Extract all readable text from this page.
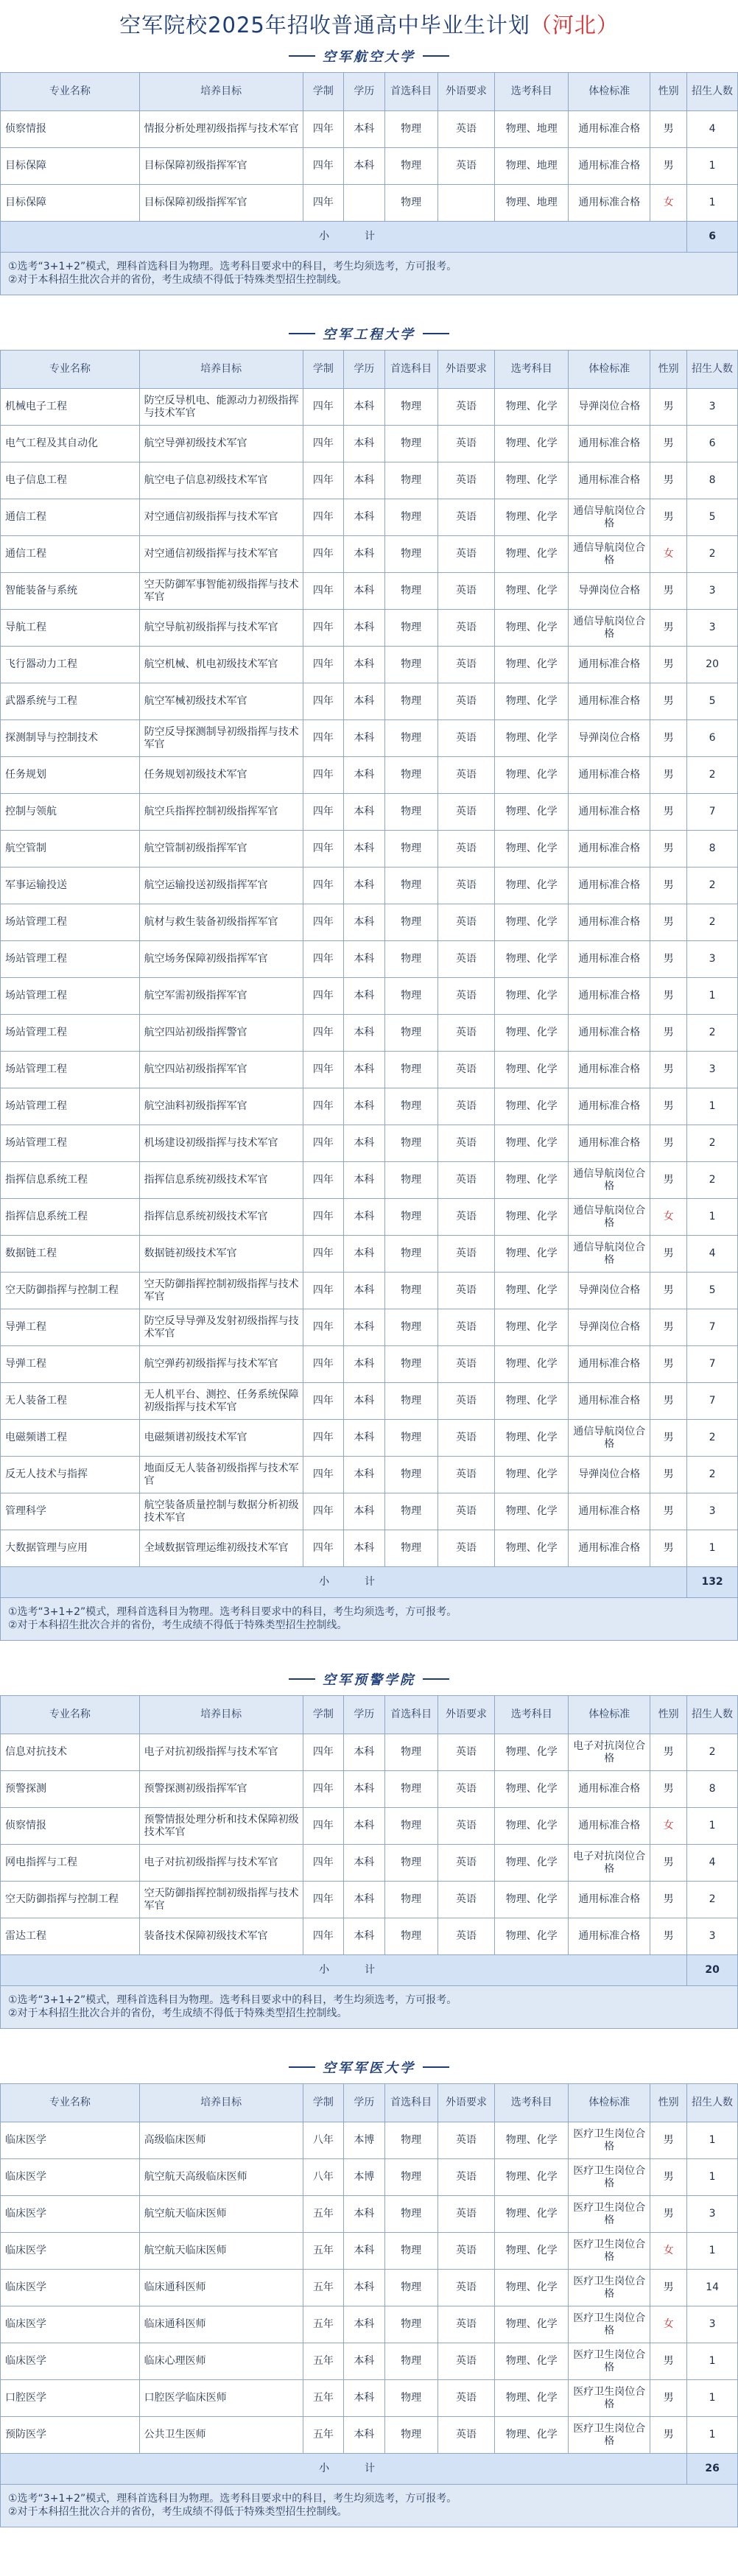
空军院校2025年招收普通高中毕业生计划（河北）
空军航空大学
专业名称	培养目标	学制	学历	首选科目	外语要求	选考科目	体检标准	性别	招生人数
侦察情报	情报分析处理初级指挥与技术军官	四年	本科	物理	英语	物理、地理	通用标准合格	男	4
目标保障	目标保障初级指挥军官	四年	本科	物理	英语	物理、地理	通用标准合格	男	1
目标保障	目标保障初级指挥军官	四年		物理		物理、地理	通用标准合格	女	1
小计									6
①选考“3+1+2”模式，理科首选科目为物理。选考科目要求中的科目，考生均须选考，方可报考。
②对于本科招生批次合并的省份，考生成绩不得低于特殊类型招生控制线。
空军工程大学
专业名称	培养目标	学制	学历	首选科目	外语要求	选考科目	体检标准	性别	招生人数
机械电子工程	防空反导机电、能源动力初级指挥与技术军官	四年	本科	物理	英语	物理、化学	导弹岗位合格	男	3
电气工程及其自动化	航空导弹初级技术军官	四年	本科	物理	英语	物理、化学	通用标准合格	男	6
电子信息工程	航空电子信息初级技术军官	四年	本科	物理	英语	物理、化学	通用标准合格	男	8
通信工程	对空通信初级指挥与技术军官	四年	本科	物理	英语	物理、化学	通信导航岗位合格	男	5
通信工程	对空通信初级指挥与技术军官	四年	本科	物理	英语	物理、化学	通信导航岗位合格	女	2
智能装备与系统	空天防御军事智能初级指挥与技术军官	四年	本科	物理	英语	物理、化学	导弹岗位合格	男	3
导航工程	航空导航初级指挥与技术军官	四年	本科	物理	英语	物理、化学	通信导航岗位合格	男	3
飞行器动力工程	航空机械、机电初级技术军官	四年	本科	物理	英语	物理、化学	通用标准合格	男	20
武器系统与工程	航空军械初级技术军官	四年	本科	物理	英语	物理、化学	通用标准合格	男	5
探测制导与控制技术	防空反导探测制导初级指挥与技术军官	四年	本科	物理	英语	物理、化学	导弹岗位合格	男	6
任务规划	任务规划初级技术军官	四年	本科	物理	英语	物理、化学	通用标准合格	男	2
控制与领航	航空兵指挥控制初级指挥军官	四年	本科	物理	英语	物理、化学	通用标准合格	男	7
航空管制	航空管制初级指挥军官	四年	本科	物理	英语	物理、化学	通用标准合格	男	8
军事运输投送	航空运输投送初级指挥军官	四年	本科	物理	英语	物理、化学	通用标准合格	男	2
场站管理工程	航材与救生装备初级指挥军官	四年	本科	物理	英语	物理、化学	通用标准合格	男	2
场站管理工程	航空场务保障初级指挥军官	四年	本科	物理	英语	物理、化学	通用标准合格	男	3
场站管理工程	航空军需初级指挥军官	四年	本科	物理	英语	物理、化学	通用标准合格	男	1
场站管理工程	航空四站初级指挥警官	四年	本科	物理	英语	物理、化学	通用标准合格	男	2
场站管理工程	航空四站初级指挥军官	四年	本科	物理	英语	物理、化学	通用标准合格	男	3
场站管理工程	航空油料初级指挥军官	四年	本科	物理	英语	物理、化学	通用标准合格	男	1
场站管理工程	机场建设初级指挥与技术军官	四年	本科	物理	英语	物理、化学	通用标准合格	男	2
指挥信息系统工程	指挥信息系统初级技术军官	四年	本科	物理	英语	物理、化学	通信导航岗位合格	男	2
指挥信息系统工程	指挥信息系统初级技术军官	四年	本科	物理	英语	物理、化学	通信导航岗位合格	女	1
数据链工程	数据链初级技术军官	四年	本科	物理	英语	物理、化学	通信导航岗位合格	男	4
空天防御指挥与控制工程	空天防御指挥控制初级指挥与技术军官	四年	本科	物理	英语	物理、化学	导弹岗位合格	男	5
导弹工程	防空反导导弹及发射初级指挥与技术军官	四年	本科	物理	英语	物理、化学	导弹岗位合格	男	7
导弹工程	航空弹药初级指挥与技术军官	四年	本科	物理	英语	物理、化学	通用标准合格	男	7
无人装备工程	无人机平台、测控、任务系统保障初级指挥与技术军官	四年	本科	物理	英语	物理、化学	通用标准合格	男	7
电磁频谱工程	电磁频谱初级技术军官	四年	本科	物理	英语	物理、化学	通信导航岗位合格	男	2
反无人技术与指挥	地面反无人装备初级指挥与技术军官	四年	本科	物理	英语	物理、化学	导弹岗位合格	男	2
管理科学	航空装备质量控制与数据分析初级技术军官	四年	本科	物理	英语	物理、化学	通用标准合格	男	3
大数据管理与应用	全域数据管理运维初级技术军官	四年	本科	物理	英语	物理、化学	通用标准合格	男	1
小计									132
①选考“3+1+2”模式，理科首选科目为物理。选考科目要求中的科目，考生均须选考，方可报考。
②对于本科招生批次合并的省份，考生成绩不得低于特殊类型招生控制线。
空军预警学院
专业名称	培养目标	学制	学历	首选科目	外语要求	选考科目	体检标准	性别	招生人数
信息对抗技术	电子对抗初级指挥与技术军官	四年	本科	物理	英语	物理、化学	电子对抗岗位合格	男	2
预警探测	预警探测初级指挥军官	四年	本科	物理	英语	物理、化学	通用标准合格	男	8
侦察情报	预警情报处理分析和技术保障初级技术军官	四年	本科	物理	英语	物理、化学	通用标准合格	女	1
网电指挥与工程	电子对抗初级指挥与技术军官	四年	本科	物理	英语	物理、化学	电子对抗岗位合格	男	4
空天防御指挥与控制工程	空天防御指挥控制初级指挥与技术军官	四年	本科	物理	英语	物理、化学	通用标准合格	男	2
雷达工程	装备技术保障初级技术军官	四年	本科	物理	英语	物理、化学	通用标准合格	男	3
小计									20
①选考“3+1+2”模式，理科首选科目为物理。选考科目要求中的科目，考生均须选考，方可报考。
②对于本科招生批次合并的省份，考生成绩不得低于特殊类型招生控制线。
空军军医大学
专业名称	培养目标	学制	学历	首选科目	外语要求	选考科目	体检标准	性别	招生人数
临床医学	高级临床医师	八年	本博	物理	英语	物理、化学	医疗卫生岗位合格	男	1
临床医学	航空航天高级临床医师	八年	本博	物理	英语	物理、化学	医疗卫生岗位合格	男	1
临床医学	航空航天临床医师	五年	本科	物理	英语	物理、化学	医疗卫生岗位合格	男	3
临床医学	航空航天临床医师	五年	本科	物理	英语	物理、化学	医疗卫生岗位合格	女	1
临床医学	临床通科医师	五年	本科	物理	英语	物理、化学	医疗卫生岗位合格	男	14
临床医学	临床通科医师	五年	本科	物理	英语	物理、化学	医疗卫生岗位合格	女	3
临床医学	临床心理医师	五年	本科	物理	英语	物理、化学	医疗卫生岗位合格	男	1
口腔医学	口腔医学临床医师	五年	本科	物理	英语	物理、化学	医疗卫生岗位合格	男	1
预防医学	公共卫生医师	五年	本科	物理	英语	物理、化学	医疗卫生岗位合格	男	1
小计									26
①选考“3+1+2”模式，理科首选科目为物理。选考科目要求中的科目，考生均须选考，方可报考。
②对于本科招生批次合并的省份，考生成绩不得低于特殊类型招生控制线。
